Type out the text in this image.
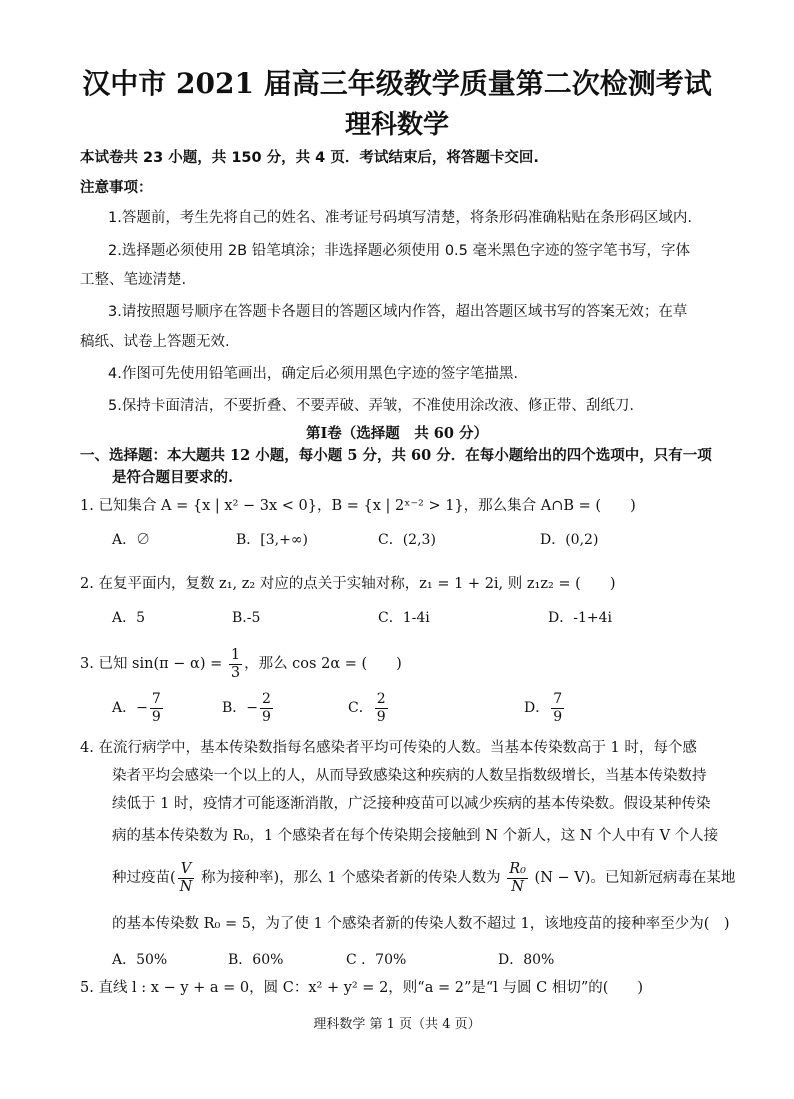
汉中市 2021 届高三年级教学质量第二次检测考试
理科数学
本试卷共 23 小题，共 150 分，共 4 页．考试结束后，将答题卡交回.
注意事项：
1.答题前，考生先将自己的姓名、准考证号码填写清楚，将条形码准确粘贴在条形码区域内.
2.选择题必须使用 2B 铅笔填涂；非选择题必须使用 0.5 毫米黑色字迹的签字笔书写，字体
工整、笔迹清楚.
3.请按照题号顺序在答题卡各题目的答题区域内作答，超出答题区域书写的答案无效；在草
稿纸、试卷上答题无效.
4.作图可先使用铅笔画出，确定后必须用黑色字迹的签字笔描黑.
5.保持卡面清洁，不要折叠、不要弄破、弄皱，不准使用涂改液、修正带、刮纸刀.
第Ⅰ卷（选择题　共 60 分）
一、选择题：本大题共 12 小题，每小题 5 分，共 60 分．在每小题给出的四个选项中，只有一项
是符合题目要求的.
1. 已知集合 A = {x | x² − 3x < 0}，B = {x | 2ˣ⁻² > 1}，那么集合 A∩B = (　　)
A．∅	B．[3,+∞)	C．(2,3)	D．(0,2)
2. 在复平面内，复数 z₁, z₂ 对应的点关于实轴对称，z₁ = 1 + 2i, 则 z₁z₂ = (　　)
A．5	B.-5	C．1-4i	D．-1+4i
3. 已知 $\sin(\pi - \alpha) = \frac{1}{3}$ ，那么 cos 2α = (　　)
A．− $\frac{7}{9}$	B．− $\frac{2}{9}$	C． $\frac{2}{9}$	D． $\frac{7}{9}$
4. 在流行病学中，基本传染数指每名感染者平均可传染的人数。当基本传染数高于 1 时，每个感
染者平均会感染一个以上的人，从而导致感染这种疾病的人数呈指数级增长，当基本传染数持
续低于 1 时，疫情才可能逐渐消散，广泛接种疫苗可以减少疾病的基本传染数。假设某种传染
病的基本传染数为 R₀，1 个感染者在每个传染期会接触到 N 个新人，这 N 个人中有 V 个人接
种过疫苗( $\frac{V}{N}$ 称为接种率)，那么 1 个感染者新的传染人数为 $\frac{\text{R₀}}{N} (N - V)$。已知新冠病毒在某地
的基本传染数 R₀ = 5，为了使 1 个感染者新的传染人数不超过 1，该地疫苗的接种率至少为(　)
A．50%	B．60%	C ．70%	D．80%
5. 直线 l : x − y + a = 0，圆 C：x² + y² = 2，则“a = 2”是“l 与圆 C 相切”的(　　)
理科数学 第 1 页（共 4 页）
